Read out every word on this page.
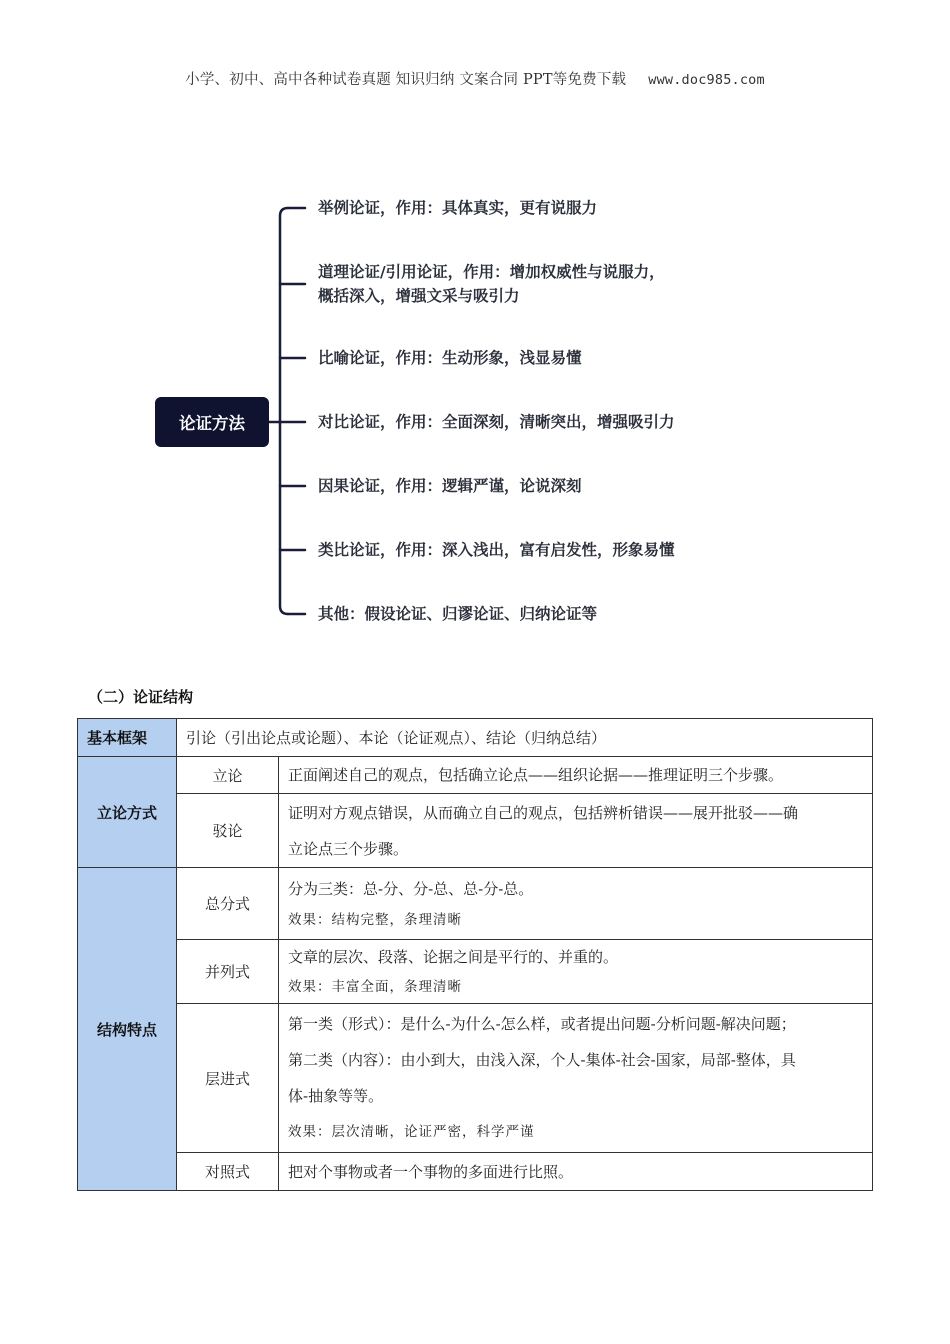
小学、初中、高中各种试卷真题 知识归纳 文案合同 PPT等免费下载 www.doc985.com
论证方法
举例论证，作用：具体真实，更有说服力
道理论证/引用论证，作用：增加权威性与说服力，
概括深入，增强文采与吸引力
比喻论证，作用：生动形象，浅显易懂
对比论证，作用：全面深刻，清晰突出，增强吸引力
因果论证，作用：逻辑严谨，论说深刻
类比论证，作用：深入浅出，富有启发性，形象易懂
其他：假设论证、归谬论证、归纳论证等
（二）论证结构
基本框架	引论（引出论点或论题）、本论（论证观点）、结论（归纳总结）	
立论方式	立论	正面阐述自己的观点，包括确立论点——组织论据——推理证明三个步骤。

	驳论	证明对方观点错误，从而确立自己的观点，包括辨析错误——展开批驳——确
立论点三个步骤。

结构特点	总分式	分为三类：总-分、分-总、总-分-总。
效果：结构完整，条理清晰

	并列式	文章的层次、段落、论据之间是平行的、并重的。
效果：丰富全面，条理清晰

	层进式	第一类（形式）：是什么-为什么-怎么样，或者提出问题-分析问题-解决问题；
第二类（内容）：由小到大，由浅入深，个人-集体-社会-国家，局部-整体，具
体-抽象等等。
效果：层次清晰，论证严密，科学严谨

	对照式	把对个事物或者一个事物的多面进行比照。
